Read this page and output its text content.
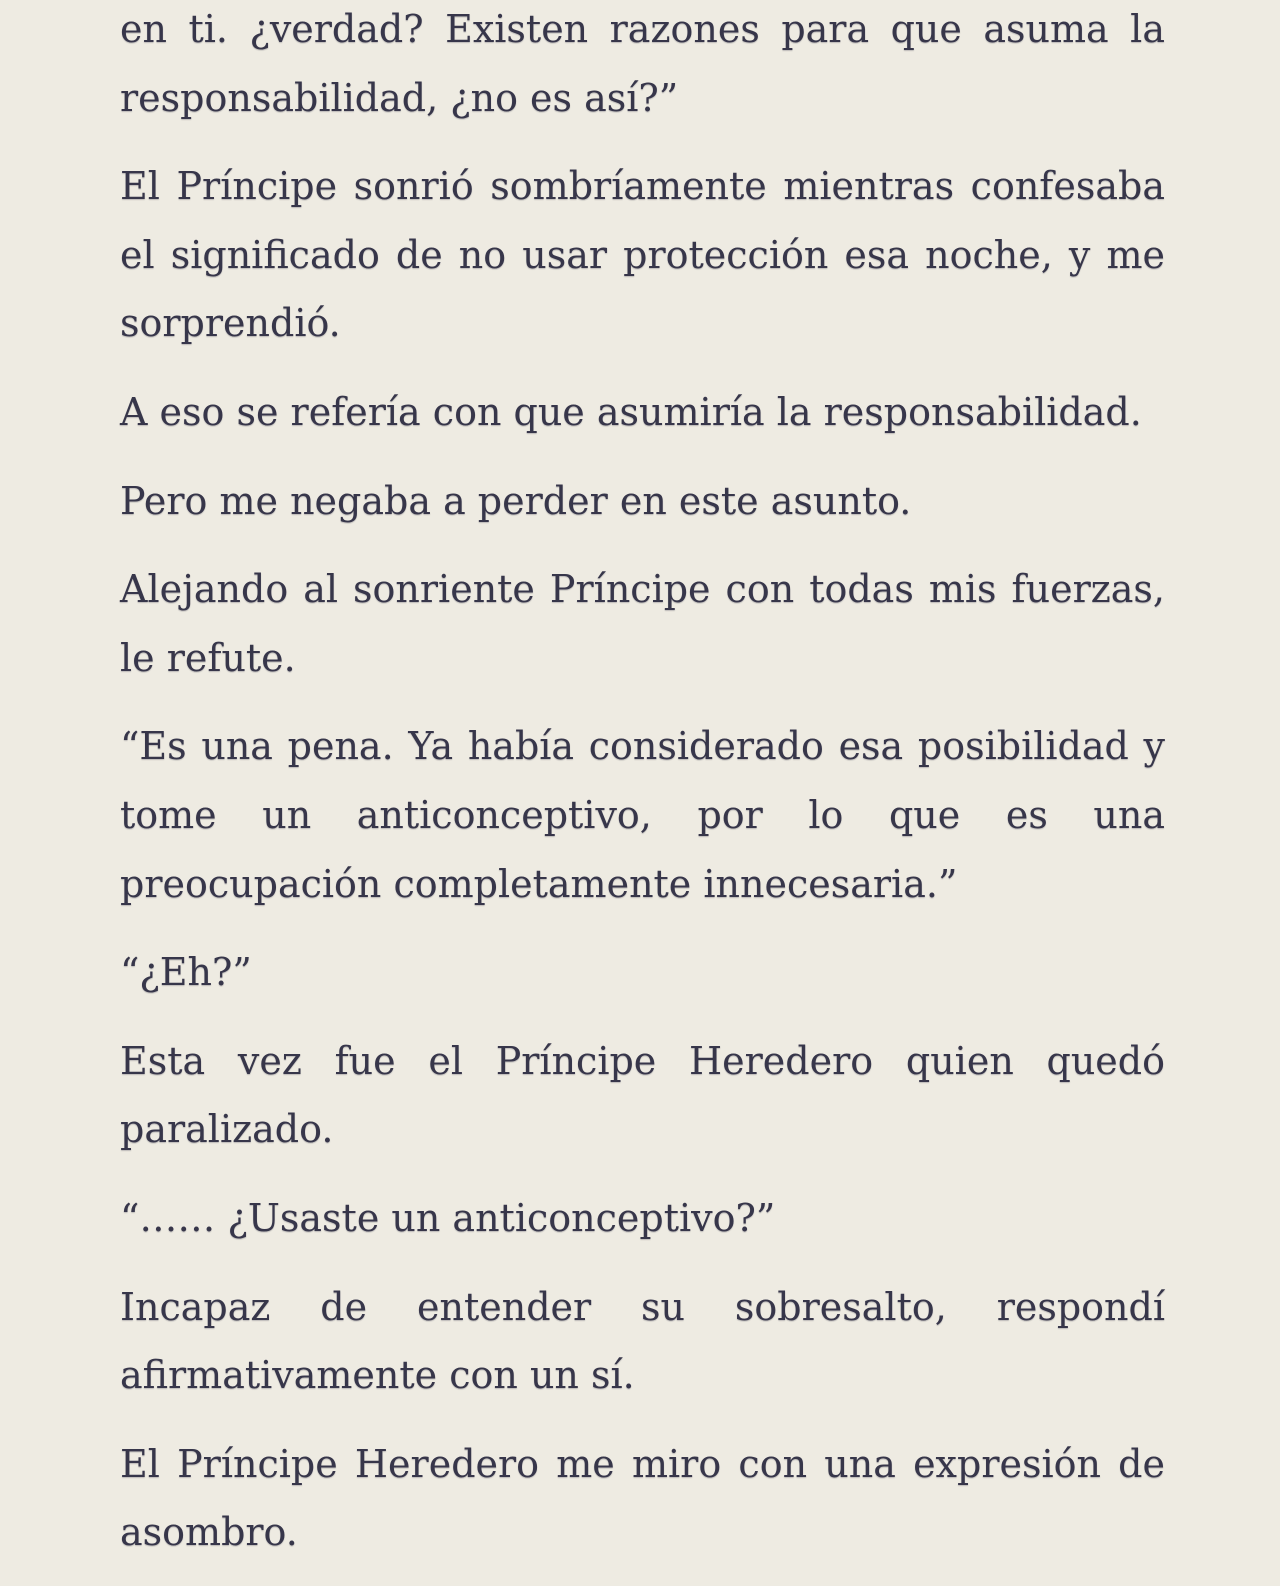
en ti. ¿verdad? Existen razones para que asuma la responsabilidad, ¿no es así?”

El Príncipe sonrió sombríamente mientras confesaba el significado de no usar protección esa noche, y me sorprendió.

A eso se refería con que asumiría la responsabilidad.

Pero me negaba a perder en este asunto.

Alejando al sonriente Príncipe con todas mis fuerzas, le refute.

“Es una pena. Ya había considerado esa posibilidad y tome un anticonceptivo, por lo que es una preocupación completamente innecesaria.”

“¿Eh?”

Esta vez fue el Príncipe Heredero quien quedó paralizado.

“…… ¿Usaste un anticonceptivo?”

Incapaz de entender su sobresalto, respondí afirmativamente con un sí.

El Príncipe Heredero me miro con una expresión de asombro.
